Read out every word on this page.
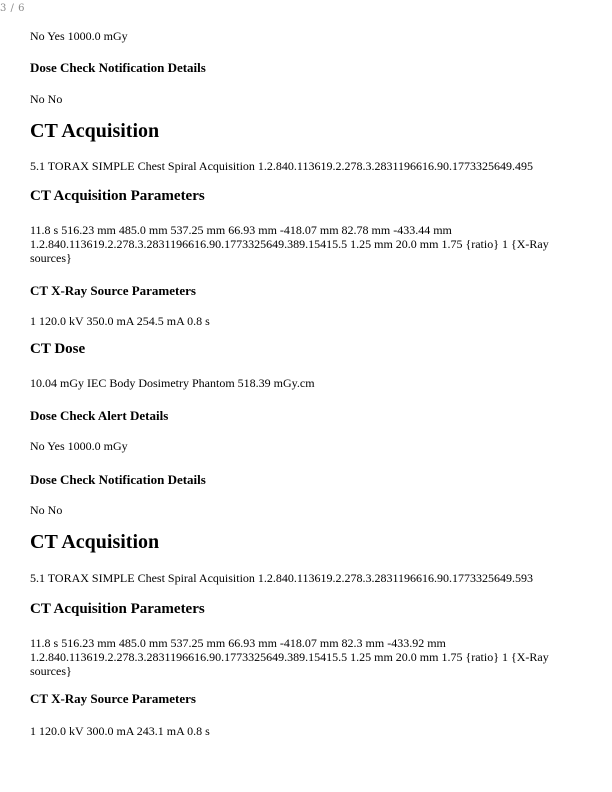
3 / 6

No Yes 1000.0 mGy

Dose Check Notification Details

No No

CT Acquisition

5.1 TORAX SIMPLE Chest Spiral Acquisition 1.2.840.113619.2.278.3.2831196616.90.1773325649.495

CT Acquisition Parameters

11.8 s 516.23 mm 485.0 mm 537.25 mm 66.93 mm -418.07 mm 82.78 mm -433.44 mm 1.2.840.113619.2.278.3.2831196616.90.1773325649.389.15415.5 1.25 mm 20.0 mm 1.75 {ratio} 1 {X-Ray sources}

CT X-Ray Source Parameters

1 120.0 kV 350.0 mA 254.5 mA 0.8 s

CT Dose

10.04 mGy IEC Body Dosimetry Phantom 518.39 mGy.cm

Dose Check Alert Details

No Yes 1000.0 mGy

Dose Check Notification Details

No No

CT Acquisition

5.1 TORAX SIMPLE Chest Spiral Acquisition 1.2.840.113619.2.278.3.2831196616.90.1773325649.593

CT Acquisition Parameters

11.8 s 516.23 mm 485.0 mm 537.25 mm 66.93 mm -418.07 mm 82.3 mm -433.92 mm 1.2.840.113619.2.278.3.2831196616.90.1773325649.389.15415.5 1.25 mm 20.0 mm 1.75 {ratio} 1 {X-Ray sources}

CT X-Ray Source Parameters

1 120.0 kV 300.0 mA 243.1 mA 0.8 s
